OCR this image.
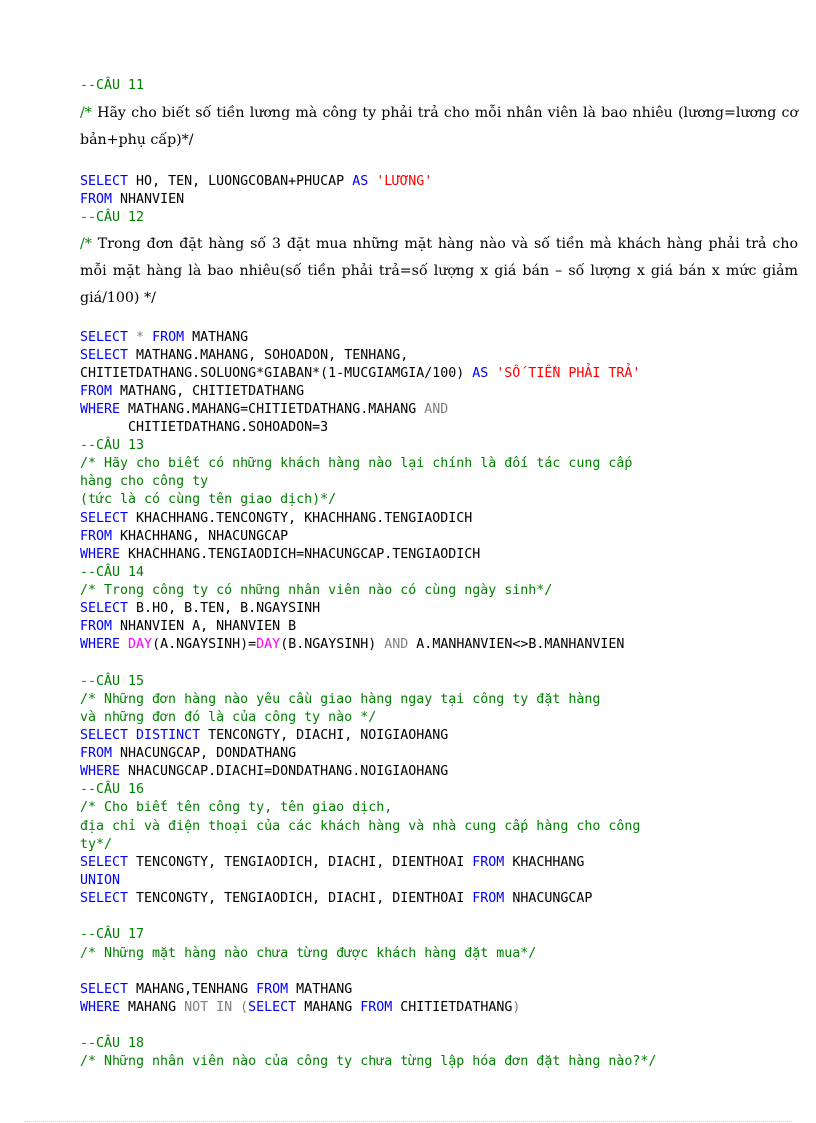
--CÂU 11
/* Hãy cho biết số tiền lương mà công ty phải trả cho mỗi nhân viên là bao nhiêu (lương=lương cơ bản+phụ cấp)*/
SELECT HO, TEN, LUONGCOBAN+PHUCAP AS 'LƯƠNG'
FROM NHANVIEN
--CÂU 12
/* Trong đơn đặt hàng số 3 đặt mua những mặt hàng nào và số tiền mà khách hàng phải trả cho mỗi mặt hàng là bao nhiêu(số tiền phải trả=số lượng x giá bán – số lượng x giá bán x mức giảm giá/100) */
SELECT * FROM MATHANG
SELECT MATHANG.MAHANG, SOHOADON, TENHANG,
CHITIETDATHANG.SOLUONG*GIABAN*(1-MUCGIAMGIA/100) AS 'SỐ TIỀN PHẢI TRẢ'
FROM MATHANG, CHITIETDATHANG
WHERE MATHANG.MAHANG=CHITIETDATHANG.MAHANG AND
CHITIETDATHANG.SOHOADON=3
--CÂU 13
/* Hãy cho biết có những khách hàng nào lại chính là đối tác cung cấp
hàng cho công ty
(tức là có cùng tên giao dịch)*/
SELECT KHACHHANG.TENCONGTY, KHACHHANG.TENGIAODICH
FROM KHACHHANG, NHACUNGCAP
WHERE KHACHHANG.TENGIAODICH=NHACUNGCAP.TENGIAODICH
--CÂU 14
/* Trong công ty có những nhân viên nào có cùng ngày sinh*/
SELECT B.HO, B.TEN, B.NGAYSINH
FROM NHANVIEN A, NHANVIEN B
WHERE DAY(A.NGAYSINH)=DAY(B.NGAYSINH) AND A.MANHANVIEN<>B.MANHANVIEN
--CÂU 15
/* Những đơn hàng nào yêu cầu giao hàng ngay tại công ty đặt hàng
và những đơn đó là của công ty nào */
SELECT DISTINCT TENCONGTY, DIACHI, NOIGIAOHANG
FROM NHACUNGCAP, DONDATHANG
WHERE NHACUNGCAP.DIACHI=DONDATHANG.NOIGIAOHANG
--CÂU 16
/* Cho biết tên công ty, tên giao dịch,
địa chỉ và điện thoại của các khách hàng và nhà cung cấp hàng cho công
ty*/
SELECT TENCONGTY, TENGIAODICH, DIACHI, DIENTHOAI FROM KHACHHANG
UNION
SELECT TENCONGTY, TENGIAODICH, DIACHI, DIENTHOAI FROM NHACUNGCAP
--CÂU 17
/* Những mặt hàng nào chưa từng được khách hàng đặt mua*/
SELECT MAHANG,TENHANG FROM MATHANG
WHERE MAHANG NOT IN (SELECT MAHANG FROM CHITIETDATHANG)
--CÂU 18
/* Những nhân viên nào của công ty chưa từng lập hóa đơn đặt hàng nào?*/
